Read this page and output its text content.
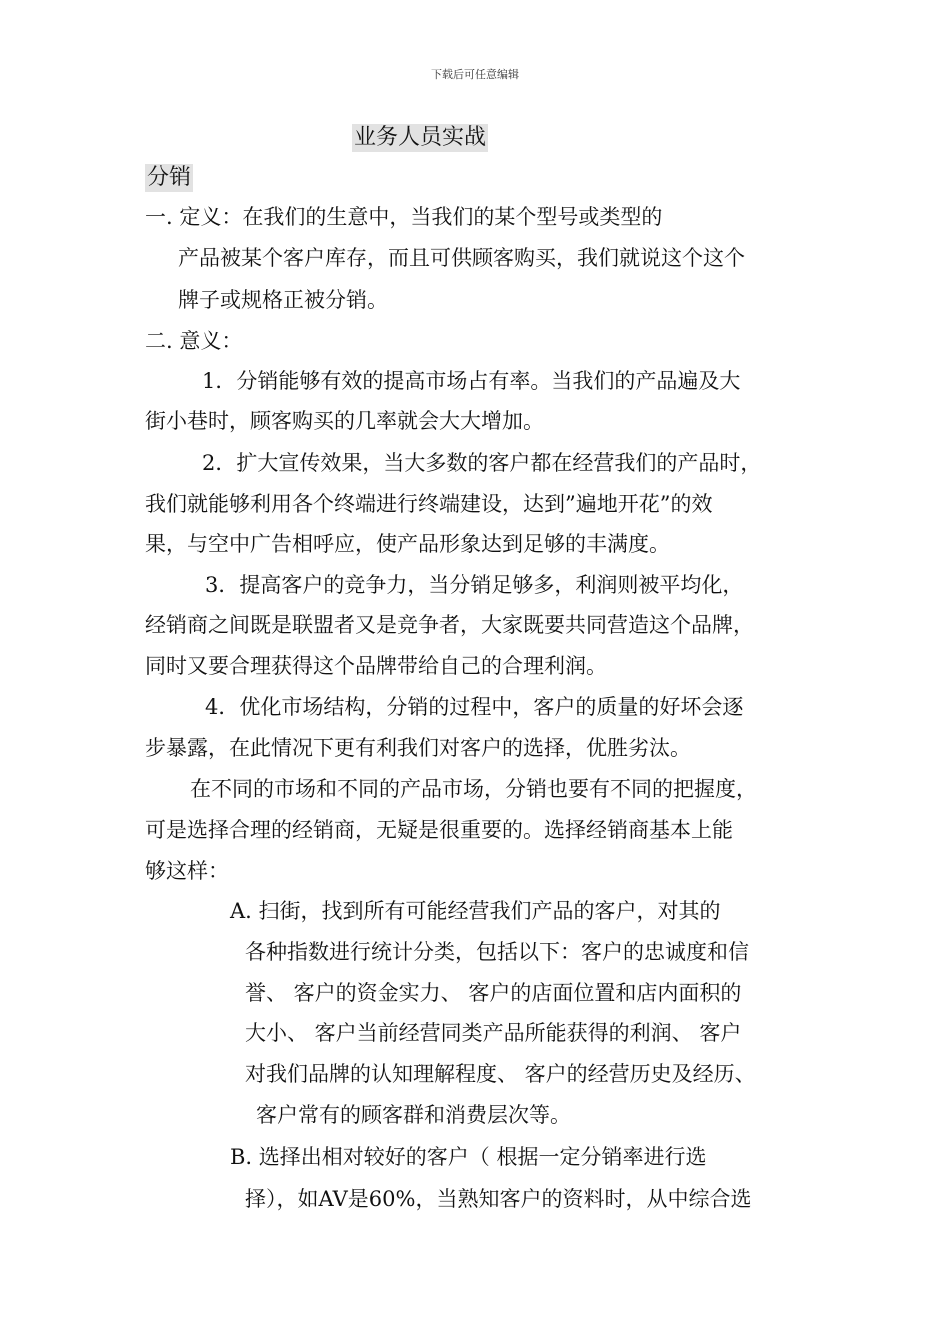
下载后可任意编辑
业务人员实战
分销
一. 定义：在我们的生意中，当我们的某个型号或类型的
产品被某个客户库存，而且可供顾客购买，我们就说这个这个
牌子或规格正被分销。
二. 意义：
1．分销能够有效的提高市场占有率。当我们的产品遍及大
街小巷时，顾客购买的几率就会大大增加。
2．扩大宣传效果，当大多数的客户都在经营我们的产品时，
我们就能够利用各个终端进行终端建设，达到”遍地开花”的效
果，与空中广告相呼应，使产品形象达到足够的丰满度。
3．提高客户的竞争力，当分销足够多，利润则被平均化，
经销商之间既是联盟者又是竞争者，大家既要共同营造这个品牌，
同时又要合理获得这个品牌带给自己的合理利润。
4．优化市场结构，分销的过程中，客户的质量的好坏会逐
步暴露，在此情况下更有利我们对客户的选择，优胜劣汰。
在不同的市场和不同的产品市场，分销也要有不同的把握度，
可是选择合理的经销商，无疑是很重要的。选择经销商基本上能
够这样：
A. 扫街，找到所有可能经营我们产品的客户，对其的
各种指数进行统计分类，包括以下：客户的忠诚度和信
誉、 客户的资金实力、 客户的店面位置和店内面积的
大小、 客户当前经营同类产品所能获得的利润、 客户
对我们品牌的认知理解程度、 客户的经营历史及经历、
客户常有的顾客群和消费层次等。
B. 选择出相对较好的客户（ 根据一定分销率进行选
择），如AV是60%，当熟知客户的资料时，从中综合选
